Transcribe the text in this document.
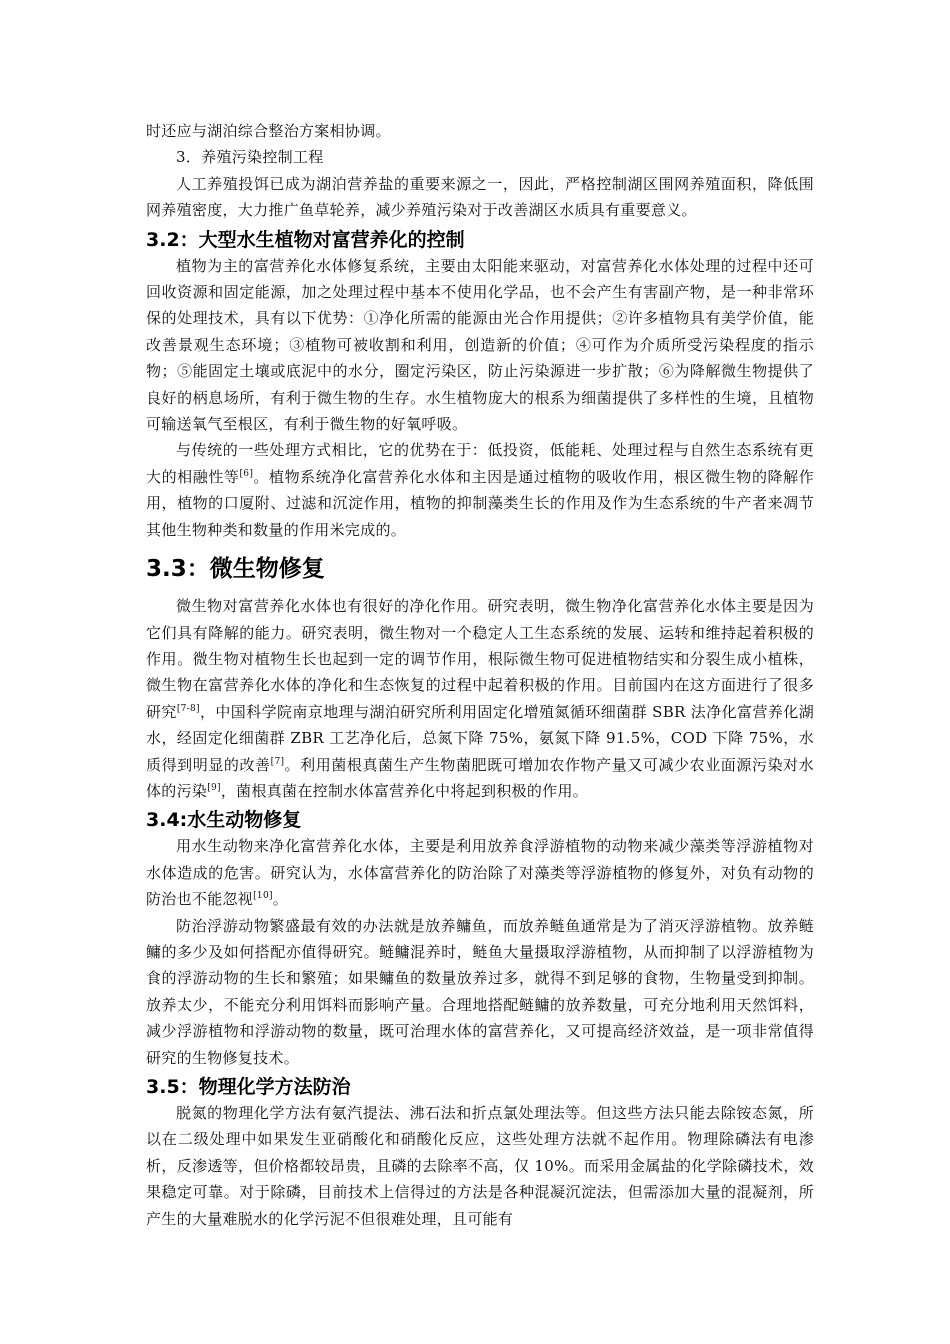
时还应与湖泊综合整治方案相协调。

3．养殖污染控制工程

人工养殖投饵已成为湖泊营养盐的重要来源之一，因此，严格控制湖区围网养殖面积，降低围网养殖密度，大力推广鱼草轮养，减少养殖污染对于改善湖区水质具有重要意义。

3.2：大型水生植物对富营养化的控制

植物为主的富营养化水体修复系统，主要由太阳能来驱动，对富营养化水体处理的过程中还可回收资源和固定能源，加之处理过程中基本不使用化学品，也不会产生有害副产物，是一种非常环保的处理技术，具有以下优势：①净化所需的能源由光合作用提供；②许多植物具有美学价值，能改善景观生态环境；③植物可被收割和利用，创造新的价值；④可作为介质所受污染程度的指示物；⑤能固定土壤或底泥中的水分，圈定污染区，防止污染源进一步扩散；⑥为降解微生物提供了良好的柄息场所，有利于微生物的生存。水生植物庞大的根系为细菌提供了多样性的生境，且植物可输送氧气至根区，有利于微生物的好氧呼吸。

与传统的一些处理方式相比，它的优势在于：低投资，低能耗、处理过程与自然生态系统有更大的相融性等[6]。植物系统净化富营养化水体和主因是通过植物的吸收作用，根区微生物的降解作用，植物的口厦附、过滤和沉淀作用，植物的抑制藻类生长的作用及作为生态系统的牛产者来凋节其他生物种类和数量的作用米完成的。

3.3：微生物修复

微生物对富营养化水体也有很好的净化作用。研究表明，微生物净化富营养化水体主要是因为它们具有降解的能力。研究表明，微生物对一个稳定人工生态系统的发展、运转和维持起着积极的作用。微生物对植物生长也起到一定的调节作用，根际微生物可促进植物结实和分裂生成小植株，微生物在富营养化水体的净化和生态恢复的过程中起着积极的作用。目前国内在这方面进行了很多研究[7-8]，中国科学院南京地理与湖泊研究所利用固定化增殖氮循环细菌群 SBR 法净化富营养化湖水，经固定化细菌群 ZBR 工艺净化后，总氮下降 75%，氨氮下降 91.5%，COD 下降 75%，水质得到明显的改善[7]。利用菌根真菌生产生物菌肥既可增加农作物产量又可减少农业面源污染对水体的污染[9]，菌根真菌在控制水体富营养化中将起到积极的作用。

3.4:水生动物修复

用水生动物来净化富营养化水体，主要是利用放养食浮游植物的动物来减少藻类等浮游植物对水体造成的危害。研究认为，水体富营养化的防治除了对藻类等浮游植物的修复外，对负有动物的防治也不能忽视[10]。

防治浮游动物繁盛最有效的办法就是放养鳙鱼，而放养鲢鱼通常是为了消灭浮游植物。放养鲢鳙的多少及如何搭配亦值得研究。鲢鳙混养时，鲢鱼大量摄取浮游植物，从而抑制了以浮游植物为食的浮游动物的生长和繁殖；如果鳙鱼的数量放养过多，就得不到足够的食物，生物量受到抑制。放养太少，不能充分利用饵料而影响产量。合理地搭配鲢鳙的放养数量，可充分地利用天然饵料，减少浮游植物和浮游动物的数量，既可治理水体的富营养化，又可提高经济效益，是一项非常值得研究的生物修复技术。

3.5：物理化学方法防治

脱氮的物理化学方法有氨汽提法、沸石法和折点氯处理法等。但这些方法只能去除铵态氮，所以在二级处理中如果发生亚硝酸化和硝酸化反应，这些处理方法就不起作用。物理除磷法有电渗析，反渗透等，但价格都较昂贵，且磷的去除率不高，仅 10%。而采用金属盐的化学除磷技术，效果稳定可靠。对于除磷，目前技术上信得过的方法是各种混凝沉淀法，但需添加大量的混凝剂，所产生的大量难脱水的化学污泥不但很难处理，且可能有
